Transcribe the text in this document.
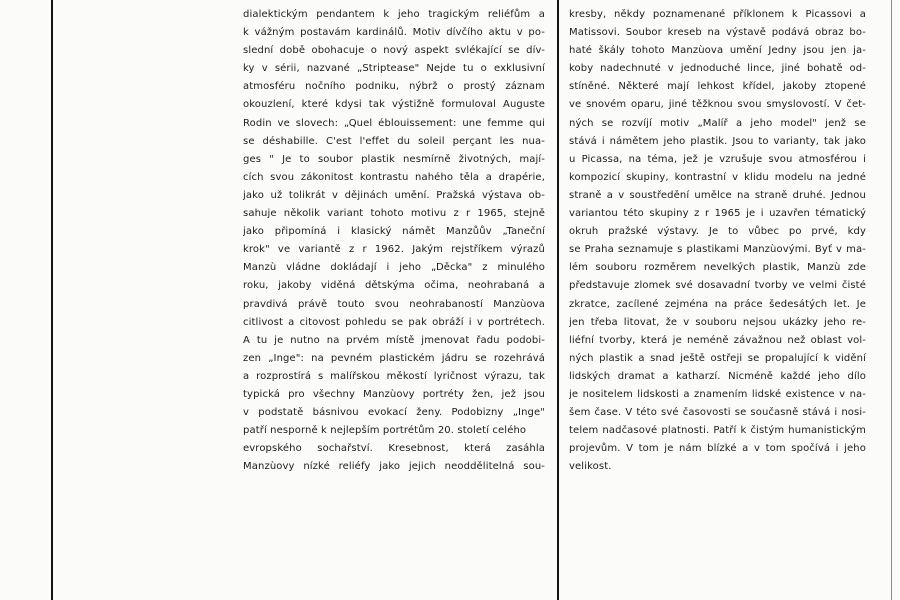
dialektickým pendantem k jeho tragickým reliéfům a
k vážným postavám kardinálů. Motiv dívčího aktu v po-
slední době obohacuje o nový aspekt svlékající se dív-
ky v sérii, nazvané „Striptease" Nejde tu o exklusivní
atmosféru nočního podniku, nýbrž o prostý záznam
okouzlení, které kdysi tak výstižně formuloval Auguste
Rodin ve slovech: „Quel éblouissement: une femme qui
se déshabille. C'est l'effet du soleil perçant les nua-
ges " Je to soubor plastik nesmírně životných, mají-
cích svou zákonitost kontrastu nahého těla a drapérie,
jako už tolikrát v dějinách umění. Pražská výstava ob-
sahuje několik variant tohoto motivu z r 1965, stejně
jako připomíná i klasický námět Manzůův „Taneční
krok" ve variantě z r 1962. Jakým rejstříkem výrazů
Manzù vládne dokládají i jeho „Děcka" z minulého
roku, jakoby viděná dětskýma očima, neohrabaná a
pravdivá právě touto svou neohrabaností Manzùova
citlivost a citovost pohledu se pak obráží i v portrétech.
A tu je nutno na prvém místě jmenovat řadu podobi-
zen „Inge": na pevném plastickém jádru se rozehrává
a rozprostírá s malířskou měkostí lyričnost výrazu, tak
typická pro všechny Manzùovy portréty žen, jež jsou
v podstatě básnivou evokací ženy. Podobizny „Inge"
patří nesporně k nejlepším portrétům 20. století celého
evropského sochařství. Kresebnost, která zasáhla
Manzùovy nízké reliéfy jako jejich neoddělitelná sou-
kresby, někdy poznamenané příklonem k Picassovi a
Matissovi. Soubor kreseb na výstavě podává obraz bo-
haté škály tohoto Manzùova umění Jedny jsou jen ja-
koby nadechnuté v jednoduché lince, jiné bohatě od-
stíněné. Některé mají lehkost křídel, jakoby ztopené
ve snovém oparu, jiné těžknou svou smyslovostí. V čet-
ných se rozvíjí motiv „Malíř a jeho model" jenž se
stává i námětem jeho plastik. Jsou to varianty, tak jako
u Picassa, na téma, jež je vzrušuje svou atmosférou i
kompozicí skupiny, kontrastní v klidu modelu na jedné
straně a v soustředění umělce na straně druhé. Jednou
variantou této skupiny z r 1965 je i uzavřen tématický
okruh pražské výstavy. Je to vůbec po prvé, kdy
se Praha seznamuje s plastikami Manzùovými. Byť v ma-
lém souboru rozměrem nevelkých plastik, Manzù zde
představuje zlomek své dosavadní tvorby ve velmi čisté
zkratce, zacílené zejména na práce šedesátých let. Je
jen třeba litovat, že v souboru nejsou ukázky jeho re-
liéfní tvorby, která je neméně závažnou než oblast vol-
ných plastik a snad ještě ostřeji se propalující k vidění
lidských dramat a katharzí. Nicméně každé jeho dílo
je nositelem lidskosti a znamením lidské existence v na-
šem čase. V této své časovosti se současně stává i nosi-
telem nadčasové platnosti. Patří k čistým humanistickým
projevům. V tom je nám blízké a v tom spočívá i jeho
velikost.
